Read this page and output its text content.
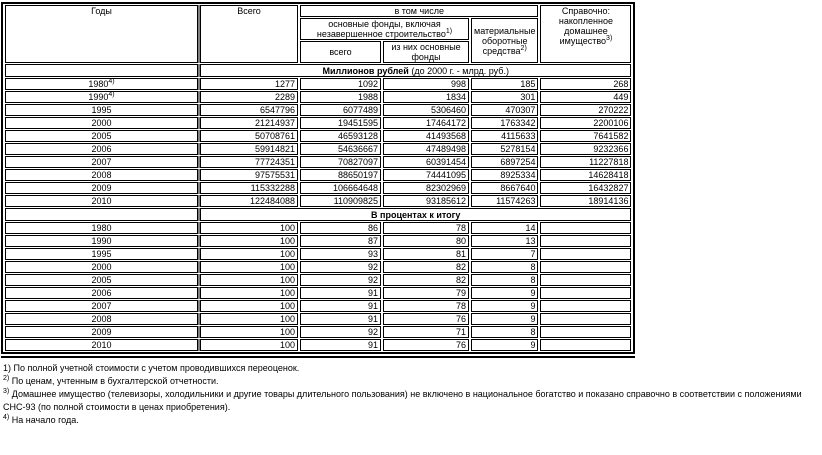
Годы	Всего	в том числе			Справочно: накопленное домашнее имущество$^{3)}$
		основные фонды, включая незавершенное строительство$^{1)}$		материальные оборотные средства$^{2)}$
		всего	из них основные фонды		
	Миллионов рублей (до 2000 г. - млрд. руб.)				
1980$^{4)}$	1277	1092	998	185	268
1990$^{4)}$	2289	1988	1834	301	449
1995	6547796	6077489	5306460	470307	270222
2000	21214937	19451595	17464172	1763342	2200106
2005	50708761	46593128	41493568	4115633	7641582
2006	59914821	54636667	47489498	5278154	9232366
2007	77724351	70827097	60391454	6897254	11227818
2008	97575531	88650197	74441095	8925334	14628418
2009	115332288	106664648	82302969	8667640	16432827
2010	122484088	110909825	93185612	11574263	18914136
	В процентах к итогу				
1980	100	86	78	14	
1990	100	87	80	13	
1995	100	93	81	7	
2000	100	92	82	8	
2005	100	92	82	8	
2006	100	91	79	9	
2007	100	91	78	9	
2008	100	91	76	9	
2009	100	92	71	8	
2010	100	91	76	9	
1) По полной учетной стоимости с учетом проводившихся переоценок.
$^{2)}$ По ценам, учтенным в бухгалтерской отчетности.
$^{3)}$ Домашнее имущество (телевизоры, холодильники и другие товары длительного пользования) не включено в национальное богатство и показано справочно в соответствии с положениями СНС-93 (по полной стоимости в ценах приобретения).
$^{4)}$ На начало года.
